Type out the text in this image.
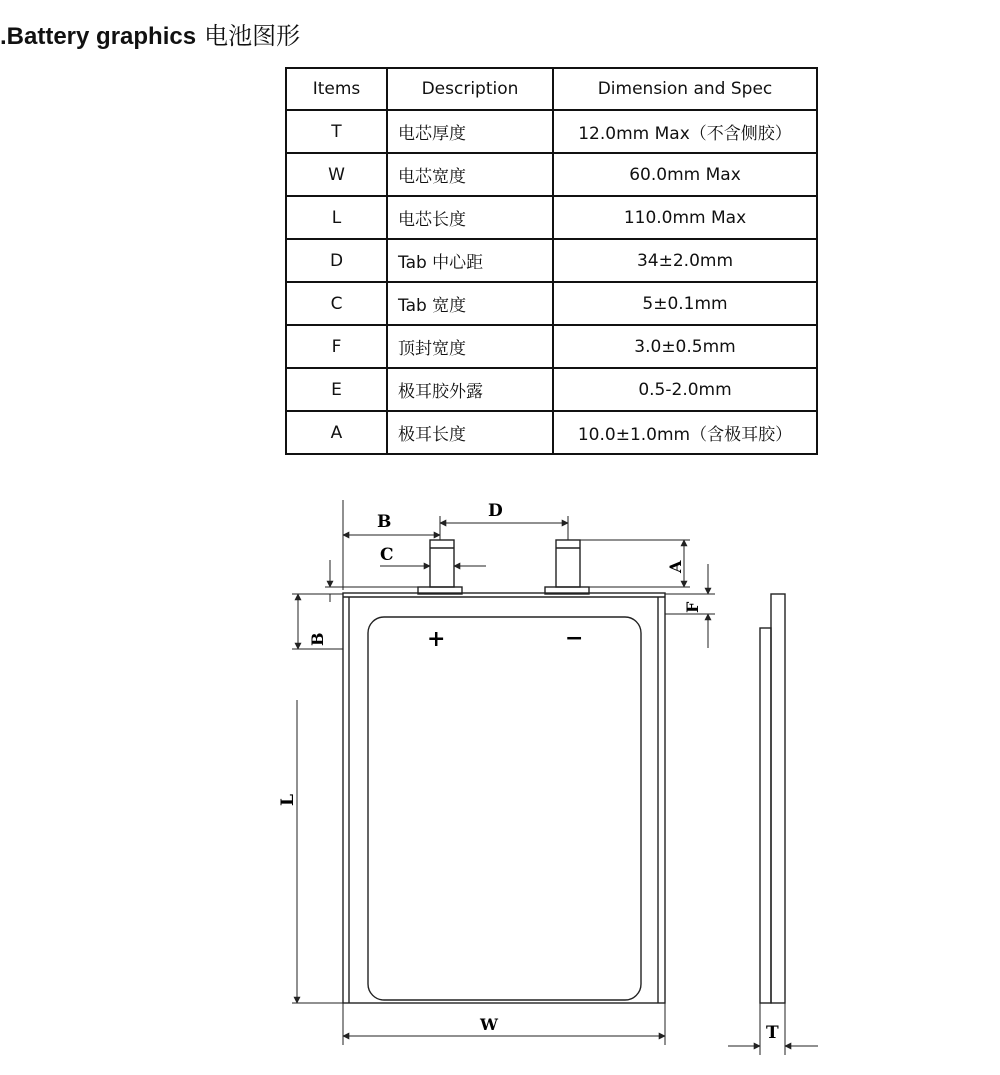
.Battery graphics 电池图形
Items	Description	Dimension and Spec
T	电芯厚度	12.0mm Max（不含侧胶）
W	电芯宽度	60.0mm Max
L	电芯长度	110.0mm Max
D	Tab 中心距	34±2.0mm
C	Tab 宽度	5±0.1mm
F	顶封宽度	3.0±0.5mm
E	极耳胶外露	0.5-2.0mm
A	极耳长度	10.0±1.0mm（含极耳胶）
B
D
C
A
F
B
L
W	T
+	−
